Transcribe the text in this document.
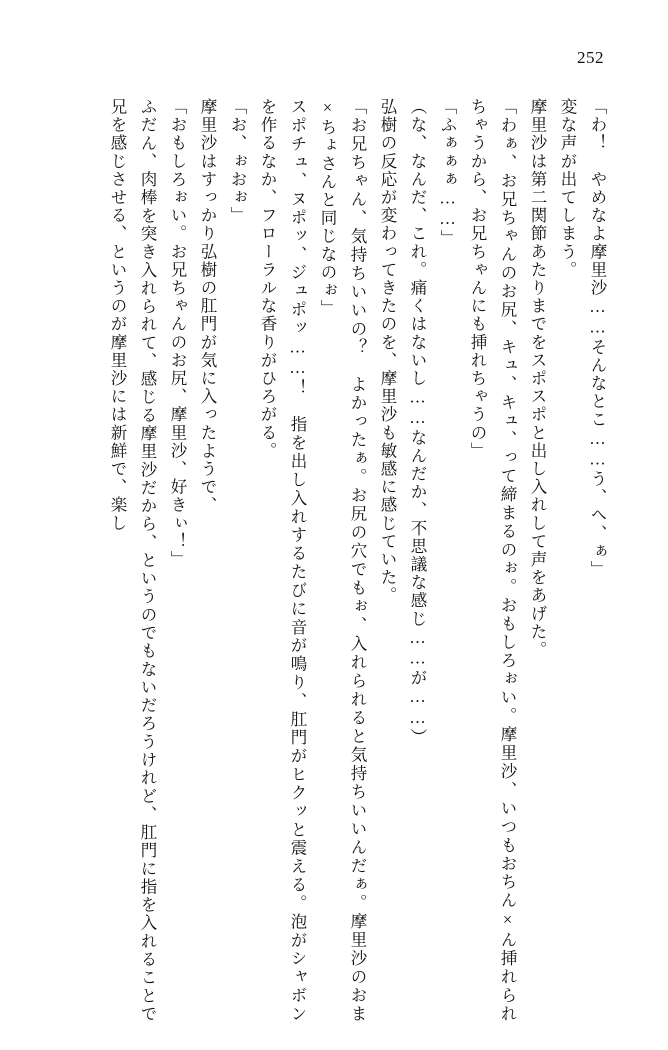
252

「わ！　やめなよ摩里沙……そんなとこ……う、へ、ぁ」

変な声が出てしまう。

摩里沙は第二関節あたりまでをスポスポと出し入れして声をあげた。

「わぁ、お兄ちゃんのお尻、キュ、キュ、って締まるのぉ。おもしろぉい。摩里沙、いつもおちん×ん挿れられちゃうから、お兄ちゃんにも挿れちゃうの」

「ふぁぁぁ……」

（な、なんだ、これ。痛くはないし……なんだか、不思議な感じ……が……）

弘樹の反応が変わってきたのを、摩里沙も敏感に感じていた。

「お兄ちゃん、気持ちいいの？　よかったぁ。お尻の穴でもぉ、入れられると気持ちいいんだぁ。摩里沙のおま×ちょさんと同じなのぉ」

スポチュ、ヌポッ、ジュポッ……！　指を出し入れするたびに音が鳴り、肛門がヒクッと震える。泡がシャボンを作るなか、フローラルな香りがひろがる。

「お、ぉおぉ」

摩里沙はすっかり弘樹の肛門が気に入ったようで、

「おもしろぉい。お兄ちゃんのお尻、摩里沙、好きぃ！」

ふだん、肉棒を突き入れられて、感じる摩里沙だから、というのでもないだろうけれど、肛門に指を入れることで兄を感じさせる、というのが摩里沙には新鮮で、楽し
